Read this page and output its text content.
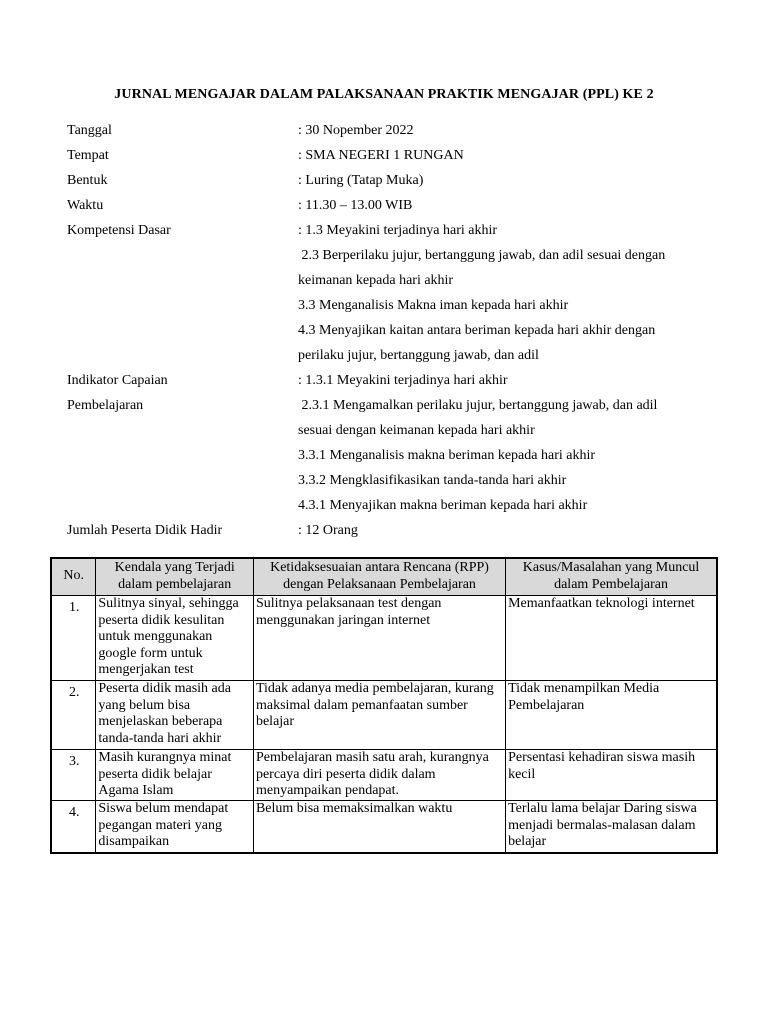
JURNAL MENGAJAR DALAM PALAKSANAAN PRAKTIK MENGAJAR (PPL) KE 2
Tanggal	: 30 Nopember 2022
Tempat	: SMA NEGERI 1 RUNGAN
Bentuk	: Luring (Tatap Muka)
Waktu	: 11.30 – 13.00 WIB
Kompetensi Dasar	: 1.3 Meyakini terjadinya hari akhir
2.3 Berperilaku jujur, bertanggung jawab, dan adil sesuai dengan
keimanan kepada hari akhir
3.3 Menganalisis Makna iman kepada hari akhir
4.3 Menyajikan kaitan antara beriman kepada hari akhir dengan
perilaku jujur, bertanggung jawab, dan adil
Indikator Capaian	: 1.3.1 Meyakini terjadinya hari akhir
Pembelajaran	2.3.1 Mengamalkan perilaku jujur, bertanggung jawab, dan adil
sesuai dengan keimanan kepada hari akhir
3.3.1 Menganalisis makna beriman kepada hari akhir
3.3.2 Mengklasifikasikan tanda-tanda hari akhir
4.3.1 Menyajikan makna beriman kepada hari akhir
Jumlah Peserta Didik Hadir	: 12 Orang
No.	Kendala yang Terjadi dalam pembelajaran	Ketidaksesuaian antara Rencana (RPP) dengan Pelaksanaan Pembelajaran	Kasus/Masalahan yang Muncul dalam Pembelajaran
1.	Sulitnya sinyal, sehingga peserta didik kesulitan untuk menggunakan google form untuk mengerjakan test	Sulitnya pelaksanaan test dengan menggunakan jaringan internet	Memanfaatkan teknologi internet
2.	Peserta didik masih ada yang belum bisa menjelaskan beberapa tanda-tanda hari akhir	Tidak adanya media pembelajaran, kurang maksimal dalam pemanfaatan sumber belajar	Tidak menampilkan Media Pembelajaran
3.	Masih kurangnya minat peserta didik belajar Agama Islam	Pembelajaran masih satu arah, kurangnya percaya diri peserta didik dalam menyampaikan pendapat.	Persentasi kehadiran siswa masih kecil
4.	Siswa belum mendapat pegangan materi yang disampaikan	Belum bisa memaksimalkan waktu	Terlalu lama belajar Daring siswa menjadi bermalas-malasan dalam belajar
